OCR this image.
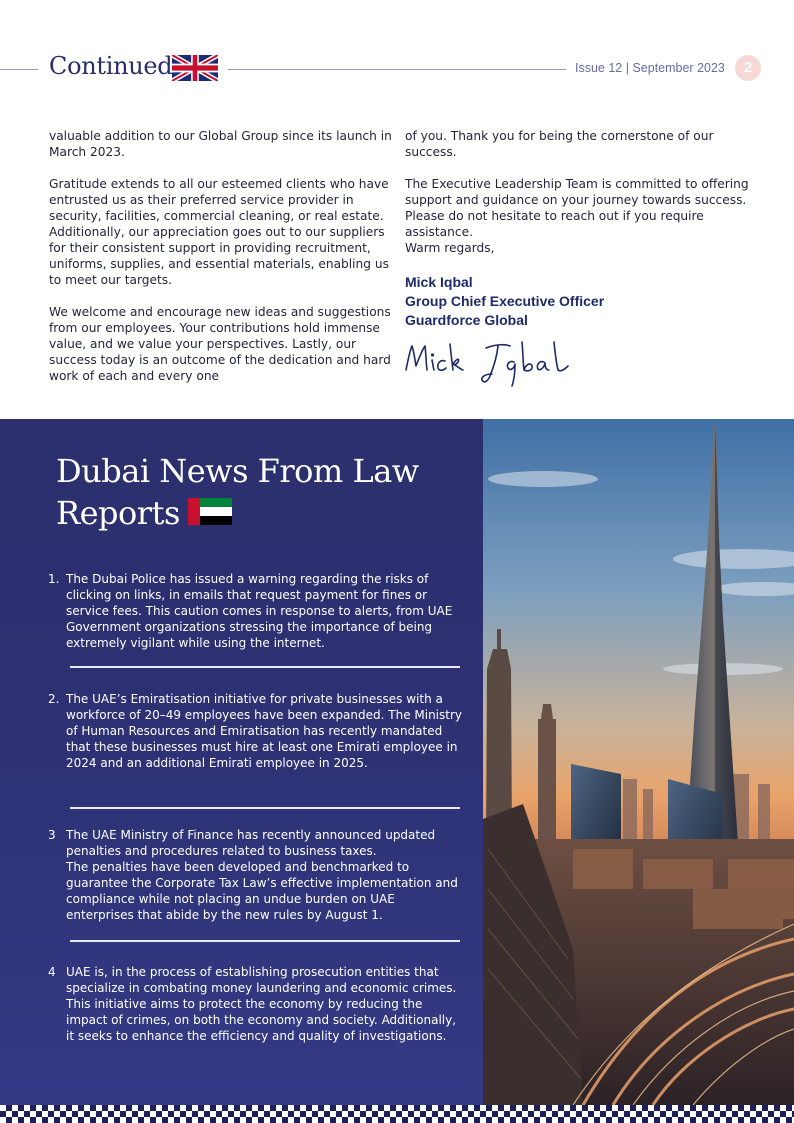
Continued	Issue 12 | September 2023	2

valuable addition to our Global Group since its launch in March 2023.

Gratitude extends to all our esteemed clients who have entrusted us as their preferred service provider in security, facilities, commercial cleaning, or real estate. Additionally, our appreciation goes out to our suppliers for their consistent support in providing recruitment, uniforms, supplies, and essential materials, enabling us to meet our targets.

We welcome and encourage new ideas and suggestions from our employees. Your contributions hold immense value, and we value your perspectives. Lastly, our success today is an outcome of the dedication and hard work of each and every one

of you. Thank you for being the cornerstone of our success.

The Executive Leadership Team is committed to offering support and guidance on your journey towards success. Please do not hesitate to reach out if you require assistance.

Warm regards,

Mick Iqbal
Group Chief Executive Officer
Guardforce Global
Dubai News From Law Reports
1. The Dubai Police has issued a warning regarding the risks of clicking on links, in emails that request payment for fines or service fees. This caution comes in response to alerts, from UAE Government organizations stressing the importance of being extremely vigilant while using the internet.
2. The UAE’s Emiratisation initiative for private businesses with a workforce of 20–49 employees have been expanded. The Ministry of Human Resources and Emiratisation has recently mandated that these businesses must hire at least one Emirati employee in 2024 and an additional Emirati employee in 2025.
3 The UAE Ministry of Finance has recently announced updated penalties and procedures related to business taxes.
The penalties have been developed and benchmarked to guarantee the Corporate Tax Law’s effective implementation and compliance while not placing an undue burden on UAE enterprises that abide by the new rules by August 1.
4 UAE is, in the process of establishing prosecution entities that specialize in combating money laundering and economic crimes. This initiative aims to protect the economy by reducing the impact of crimes, on both the economy and society. Additionally, it seeks to enhance the efficiency and quality of investigations.
